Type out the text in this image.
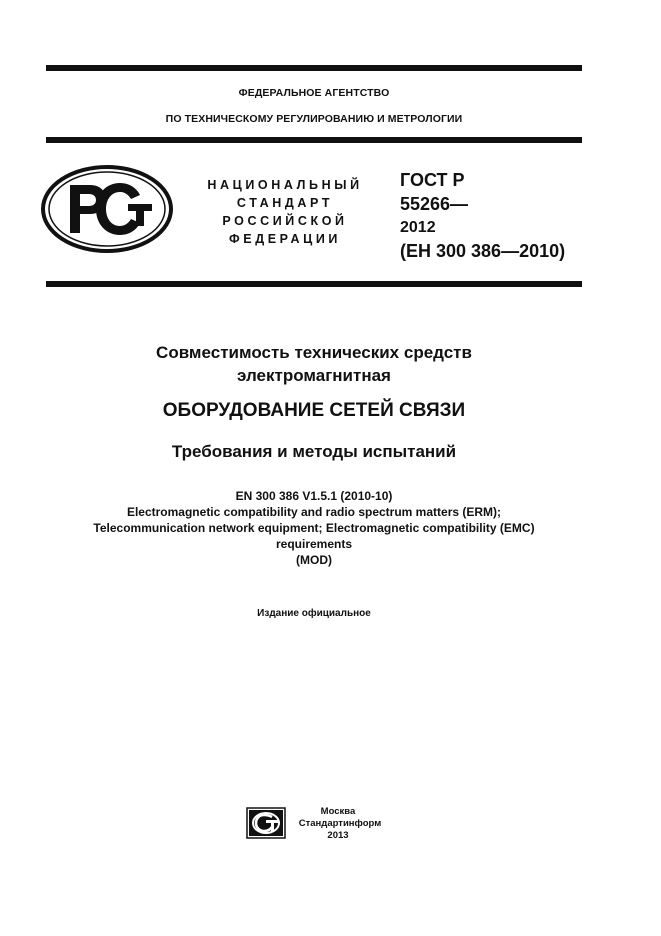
ФЕДЕРАЛЬНОЕ АГЕНТСТВО
ПО ТЕХНИЧЕСКОМУ РЕГУЛИРОВАНИЮ И МЕТРОЛОГИИ
НАЦИОНАЛЬНЫЙ
СТАНДАРТ
РОССИЙСКОЙ
ФЕДЕРАЦИИ
ГОСТ Р
55266—
2012
(ЕН 300 386—2010)
Совместимость технических средств
электромагнитная
ОБОРУДОВАНИЕ СЕТЕЙ СВЯЗИ
Требования и методы испытаний
EN 300 386 V1.5.1 (2010-10)
Electromagnetic compatibility and radio spectrum matters (ERM);
Telecommunication network equipment; Electromagnetic compatibility (EMC)
requirements
(MOD)
Издание официальное
Москва
Стандартинформ
2013
